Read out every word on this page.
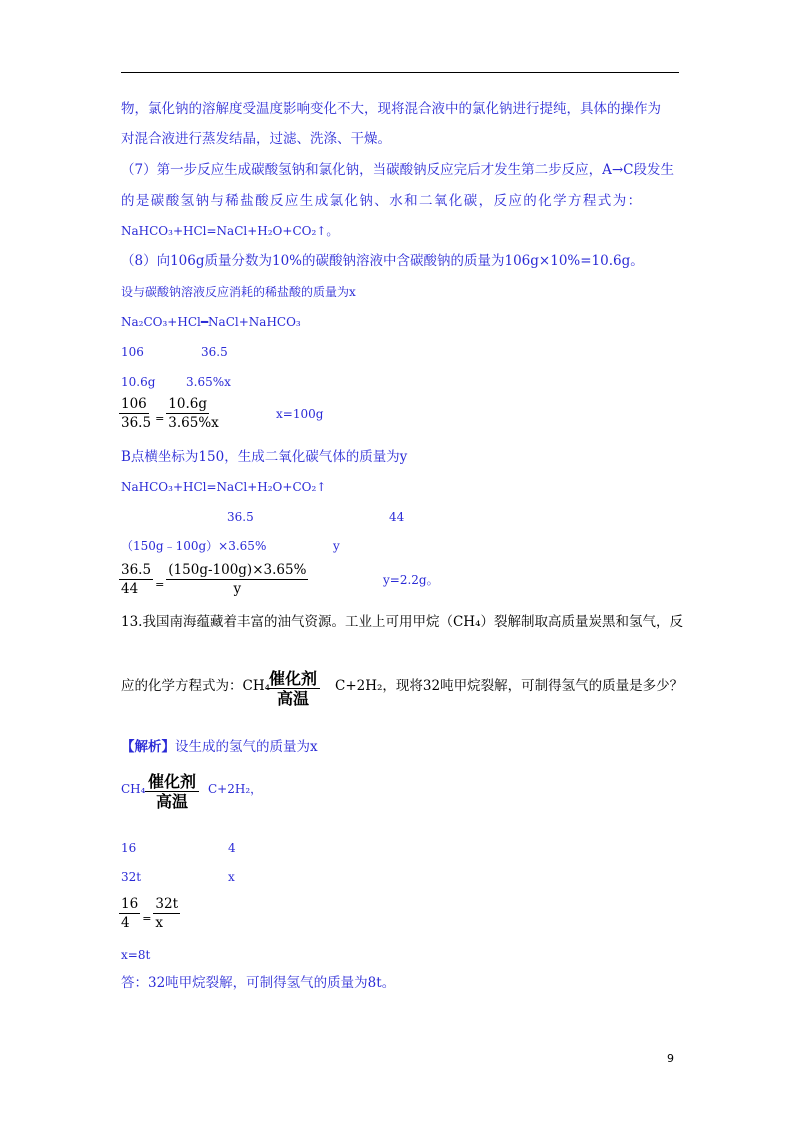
物，氯化钠的溶解度受温度影响变化不大，现将混合液中的氯化钠进行提纯，具体的操作为
对混合液进行蒸发结晶，过滤、洗涤、干燥。
（7）第一步反应生成碳酸氢钠和氯化钠，当碳酸钠反应完后才发生第二步反应，A→C段发生
的是碳酸氢钠与稀盐酸反应生成氯化钠、水和二氧化碳，反应的化学方程式为：
NaHCO₃+HCl=NaCl+H₂O+CO₂↑。
（8）向106g质量分数为10%的碳酸钠溶液中含碳酸钠的质量为106g×10%=10.6g。
设与碳酸钠溶液反应消耗的稀盐酸的质量为x
Na₂CO₃+HCl━NaCl+NaHCO₃
106	36.5
10.6g	3.65%x
$\frac{106}{36.5} = \frac{10.6g}{3.65\%x}$	x=100g
B点横坐标为150，生成二氧化碳气体的质量为y
NaHCO₃+HCl=NaCl+H₂O+CO₂↑
36.5	44
（150g﹣100g）×3.65%	y
$\frac{36.5}{44} = \frac{(150g-100g)\times 3.65\%}{y}$	y=2.2g。
13.我国南海蕴藏着丰富的油气资源。工业上可用甲烷（CH₄）裂解制取高质量炭黑和氢气，反
应的化学方程式为：CH₄
催化剂
高温
C+2H₂，现将32吨甲烷裂解，可制得氢气的质量是多少？
【解析】设生成的氢气的质量为x
CH₄ 催化剂
高温
C+2H₂，
16	4
32t	x
$\frac{16}{4} = \frac{32t}{x}$
x=8t
答：32吨甲烷裂解，可制得氢气的质量为8t。
9
